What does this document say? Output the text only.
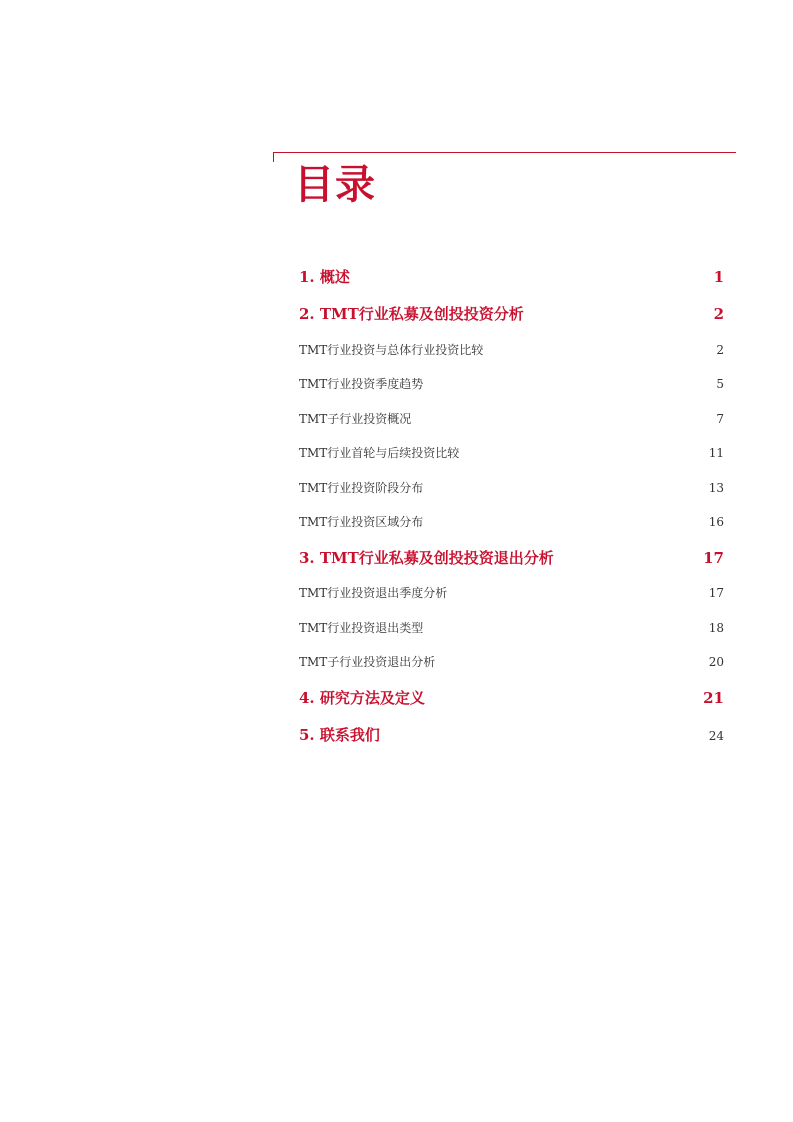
目录
1. 概述	1
2. TMT行业私募及创投投资分析	2
TMT行业投资与总体行业投资比较	2
TMT行业投资季度趋势	5
TMT子行业投资概况	7
TMT行业首轮与后续投资比较	11
TMT行业投资阶段分布	13
TMT行业投资区域分布	16
3. TMT行业私募及创投投资退出分析	17
TMT行业投资退出季度分析	17
TMT行业投资退出类型	18
TMT子行业投资退出分析	20
4. 研究方法及定义	21
5. 联系我们	24
